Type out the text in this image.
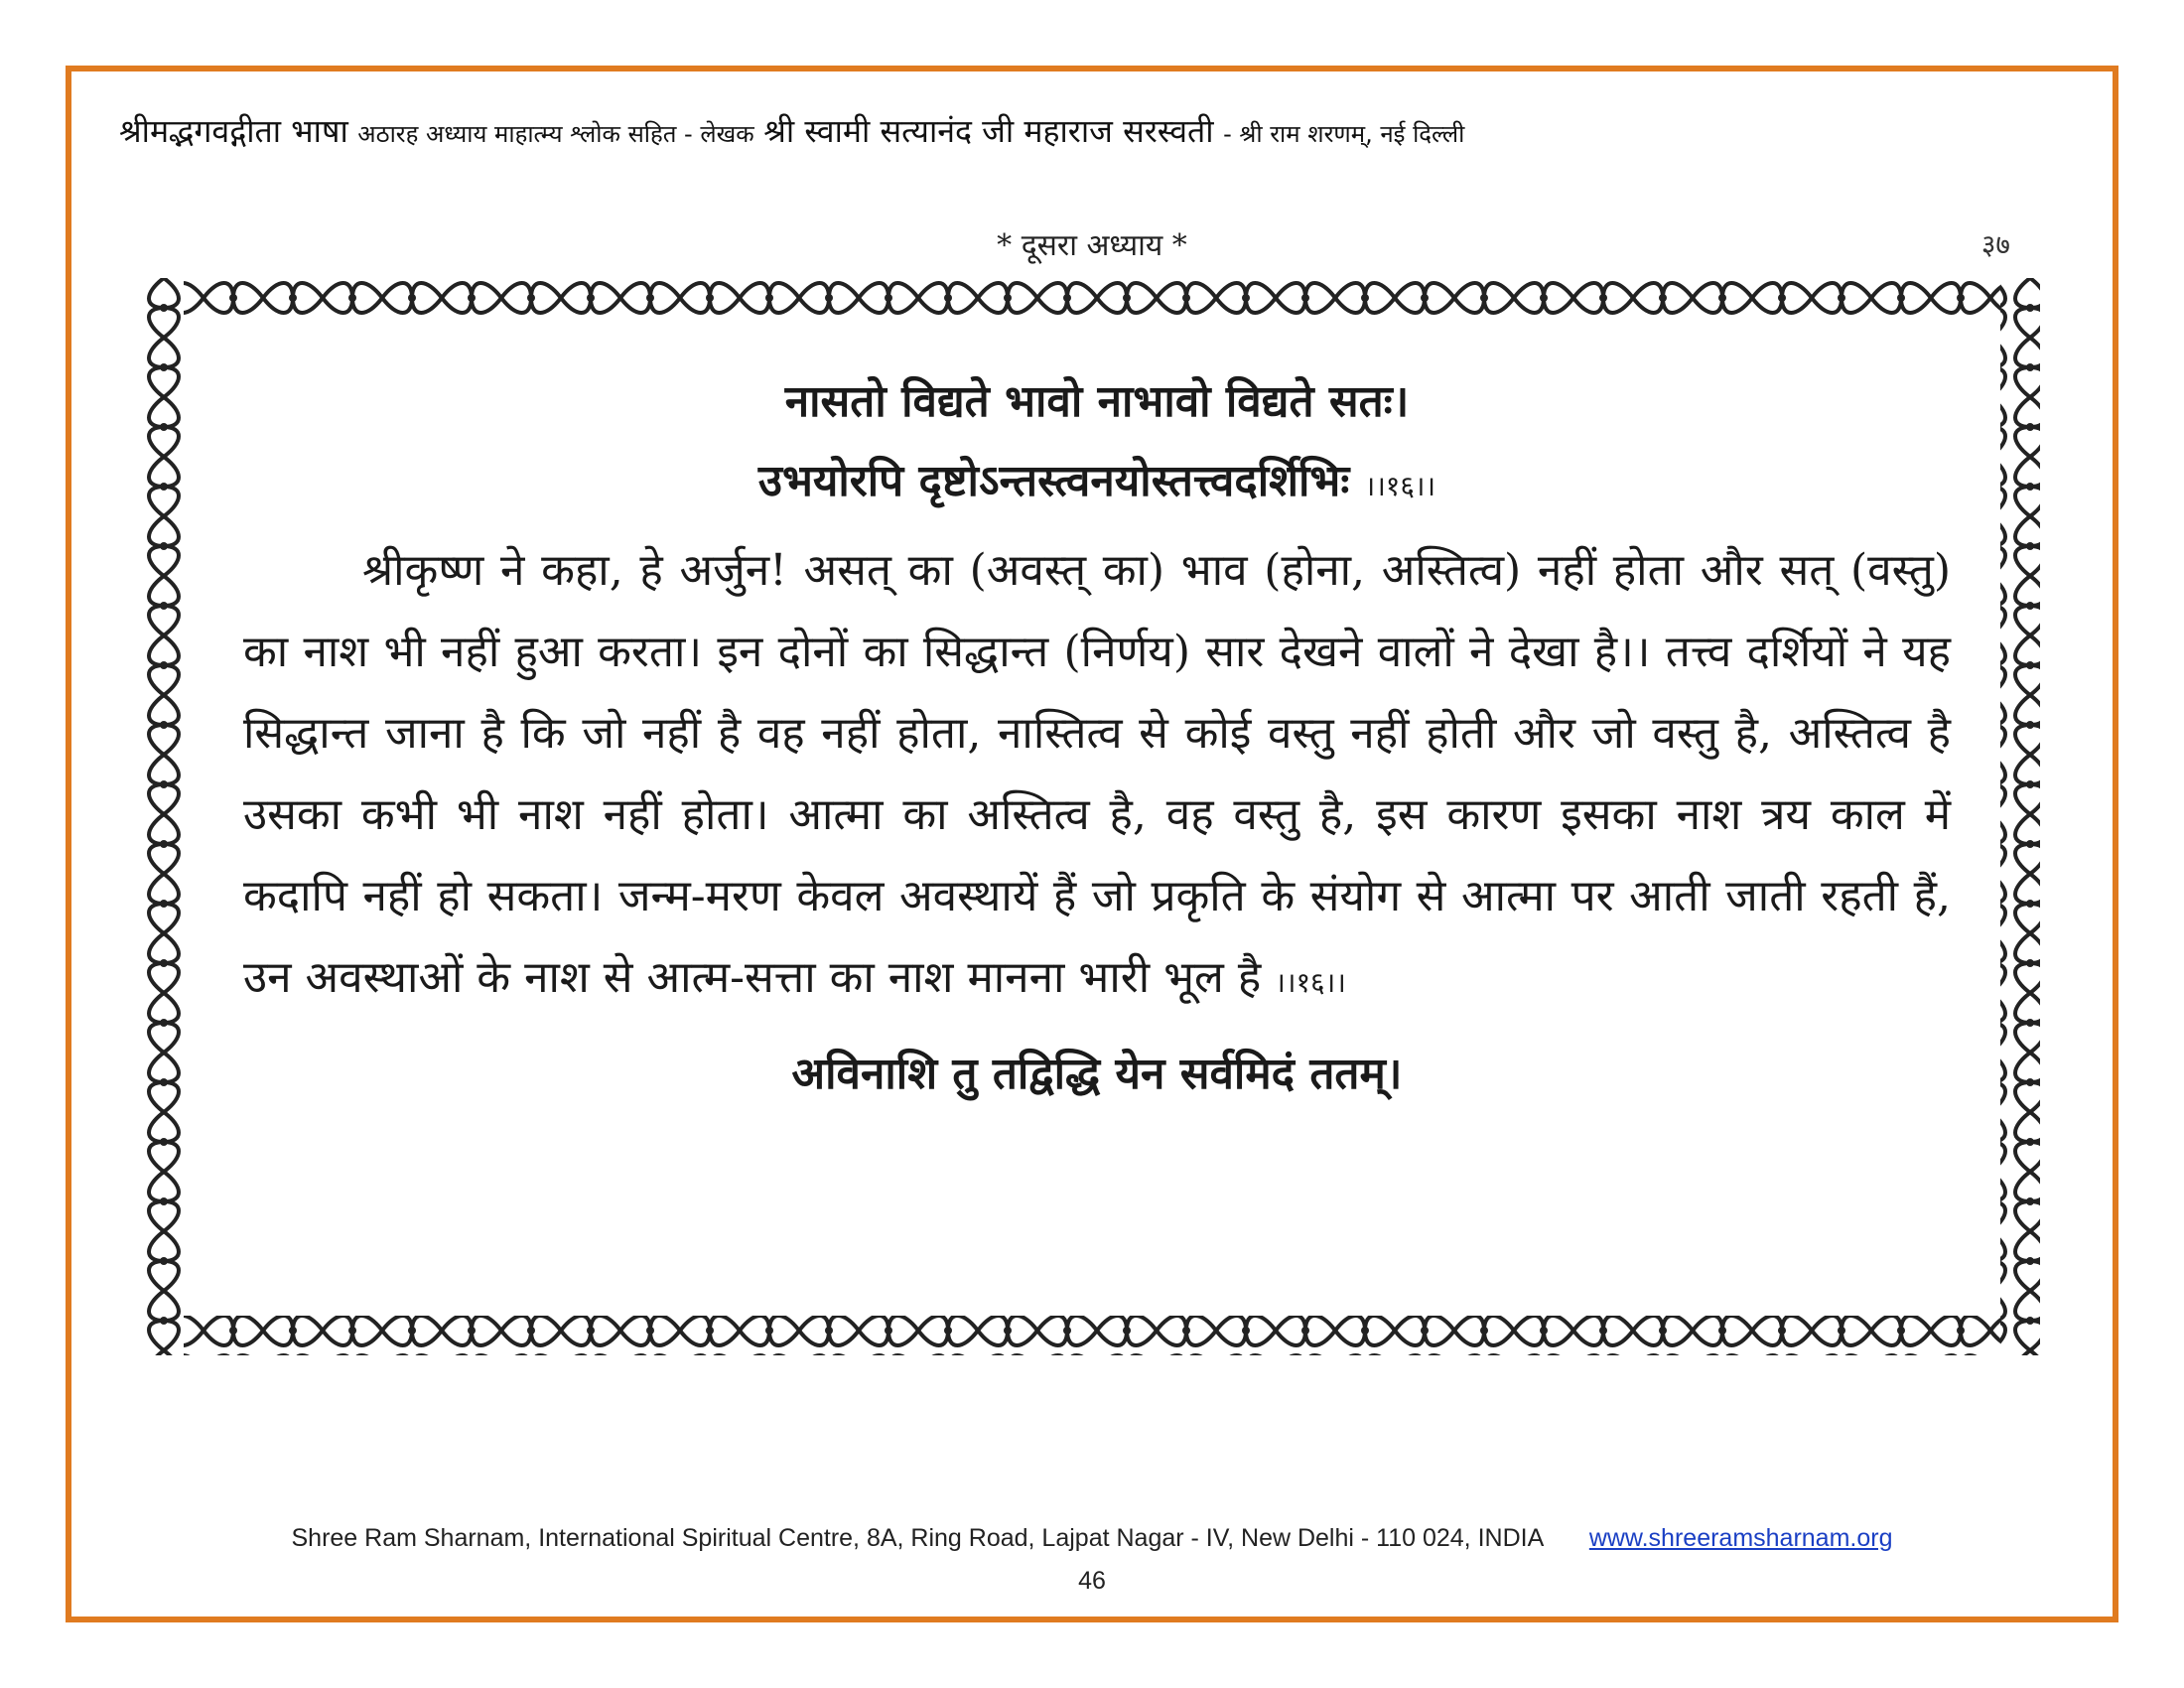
श्रीमद्भगवद्गीता भाषा अठारह अध्याय माहात्म्य श्लोक सहित - लेखक श्री स्वामी सत्यानंद जी महाराज सरस्वती - श्री राम शरणम्, नई दिल्ली
* दूसरा अध्याय *	३७
नासतो विद्यते भावो नाभावो विद्यते सतः।
उभयोरपि दृष्टोऽन्तस्त्वनयोस्तत्त्वदर्शिभिः ।।१६।।
श्रीकृष्ण ने कहा, हे अर्जुन! असत् का (अवस्त् का) भाव (होना, अस्तित्व) नहीं होता और सत् (वस्तु) का नाश भी नहीं हुआ करता। इन दोनों का सिद्धान्त (निर्णय) सार देखने वालों ने देखा है।। तत्त्व दर्शियों ने यह सिद्धान्त जाना है कि जो नहीं है वह नहीं होता, नास्तित्व से कोई वस्तु नहीं होती और जो वस्तु है, अस्तित्व है उसका कभी भी नाश नहीं होता। आत्मा का अस्तित्व है, वह वस्तु है, इस कारण इसका नाश त्रय काल में कदापि नहीं हो सकता। जन्म-मरण केवल अवस्थायें हैं जो प्रकृति के संयोग से आत्मा पर आती जाती रहती हैं, उन अवस्थाओं के नाश से आत्म-सत्ता का नाश मानना भारी भूल है ।।१६।।
अविनाशि तु तद्विद्धि येन सर्वमिदं ततम्।
Shree Ram Sharnam, International Spiritual Centre, 8A, Ring Road, Lajpat Nagar - IV, New Delhi - 110 024, INDIA www.shreeramsharnam.org
46
